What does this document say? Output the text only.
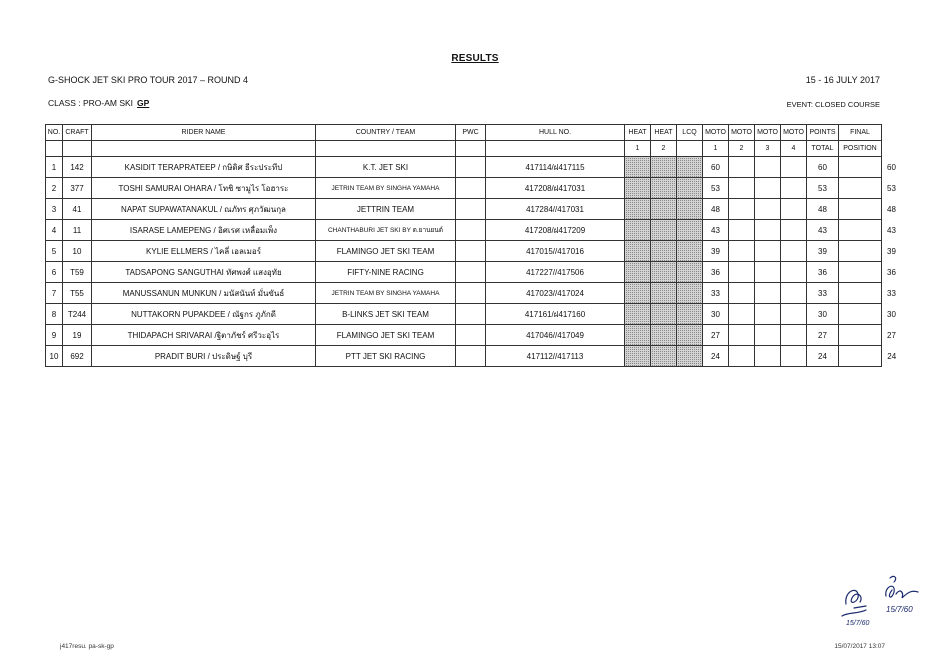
RESULTS
G-SHOCK JET SKI PRO TOUR 2017 – ROUND 4	15 - 16 JULY 2017
CLASS : PRO-AM SKI GP	EVENT: CLOSED COURSE
NO.	CRAFT	RIDER NAME	COUNTRY / TEAM	PWC	HULL NO.	HEAT	HEAT	LCQ	MOTO	MOTO	MOTO	MOTO	POINTS	FINAL	
						1	2		1	2	3	4	TOTAL	POSITION	
1	142	KASIDIT TERAPRATEEP / กษิดิศ ธีระประทีป	K.T. JET SKI		417114/ฝ417115				60				60		60
2	377	TOSHI SAMURAI OHARA / โทชิ ซามูไร โอฮาระ	JETRIN TEAM BY SINGHA YAMAHA		417208/ฝ417031				53				53		53
3	41	NAPAT SUPAWATANAKUL / ณภัทร ศุภวัฒนกุล	JETTRIN TEAM		417284//417031				48				48		48
4	11	ISARASE LAMEPENG / อิศเรศ เหลื่อมเพ็ง	CHANTHABURI JET SKI BY ต.ยานยนต์		417208/ฝ417209				43				43		43
5	10	KYLIE ELLMERS / ไคลี่ เอลเมอร์	FLAMINGO JET SKI TEAM		417015//417016				39				39		39
6	T59	TADSAPONG SANGUTHAI ทัศพงศ์ แสงอุทัย	FIFTY-NINE RACING		417227//417506				36				36		36
7	T55	MANUSSANUN MUNKUN / มนัสนันท์ มั่นขันธ์	JETRIN TEAM BY SINGHA YAMAHA		417023//417024				33				33		33
8	T244	NUTTAKORN PUPAKDEE / ณัฐกร ภูภักดี	B-LINKS JET SKI TEAM		417161/ฝ417160				30				30		30
9	19	THIDAPACH SRIVARAI /ฐิตาภัชร์ ศรีวะอุไร	FLAMINGO JET SKI TEAM		417046//417049				27				27		27
10	692	PRADIT BURI / ประดิษฐ์ บุรี	PTT JET SKI RACING		417112//417113				24				24		24
15/7/60
15/7/60
j417resu. pa-sk-gp	15/07/2017 13:07
